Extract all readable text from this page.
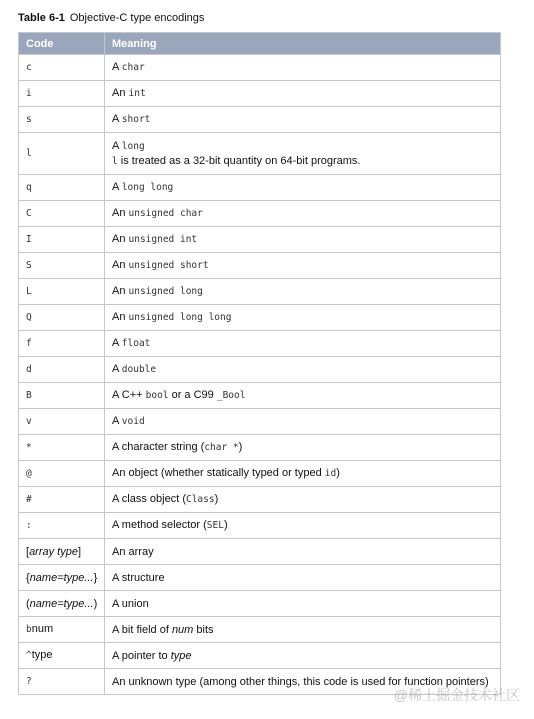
Table 6-1 Objective-C type encodings
Code	Meaning
c	A char

i	An int

s	A short

l	A long
l is treated as a 32-bit quantity on 64-bit programs.

q	A long long

C	An unsigned char

I	An unsigned int

S	An unsigned short

L	An unsigned long

Q	An unsigned long long

f	A float

d	A double

B	A C++ bool or a C99 _Bool

v	A void

*	A character string (char *)

@	An object (whether statically typed or typed id)

#	A class object (Class)

:	A method selector (SEL)

[array type]	An array

{name=type...}	A structure

(name=type...)	A union

bnum	A bit field of num bits

^type	A pointer to type

?	An unknown type (among other things, this code is used for function pointers)
@稀土掘金技术社区
